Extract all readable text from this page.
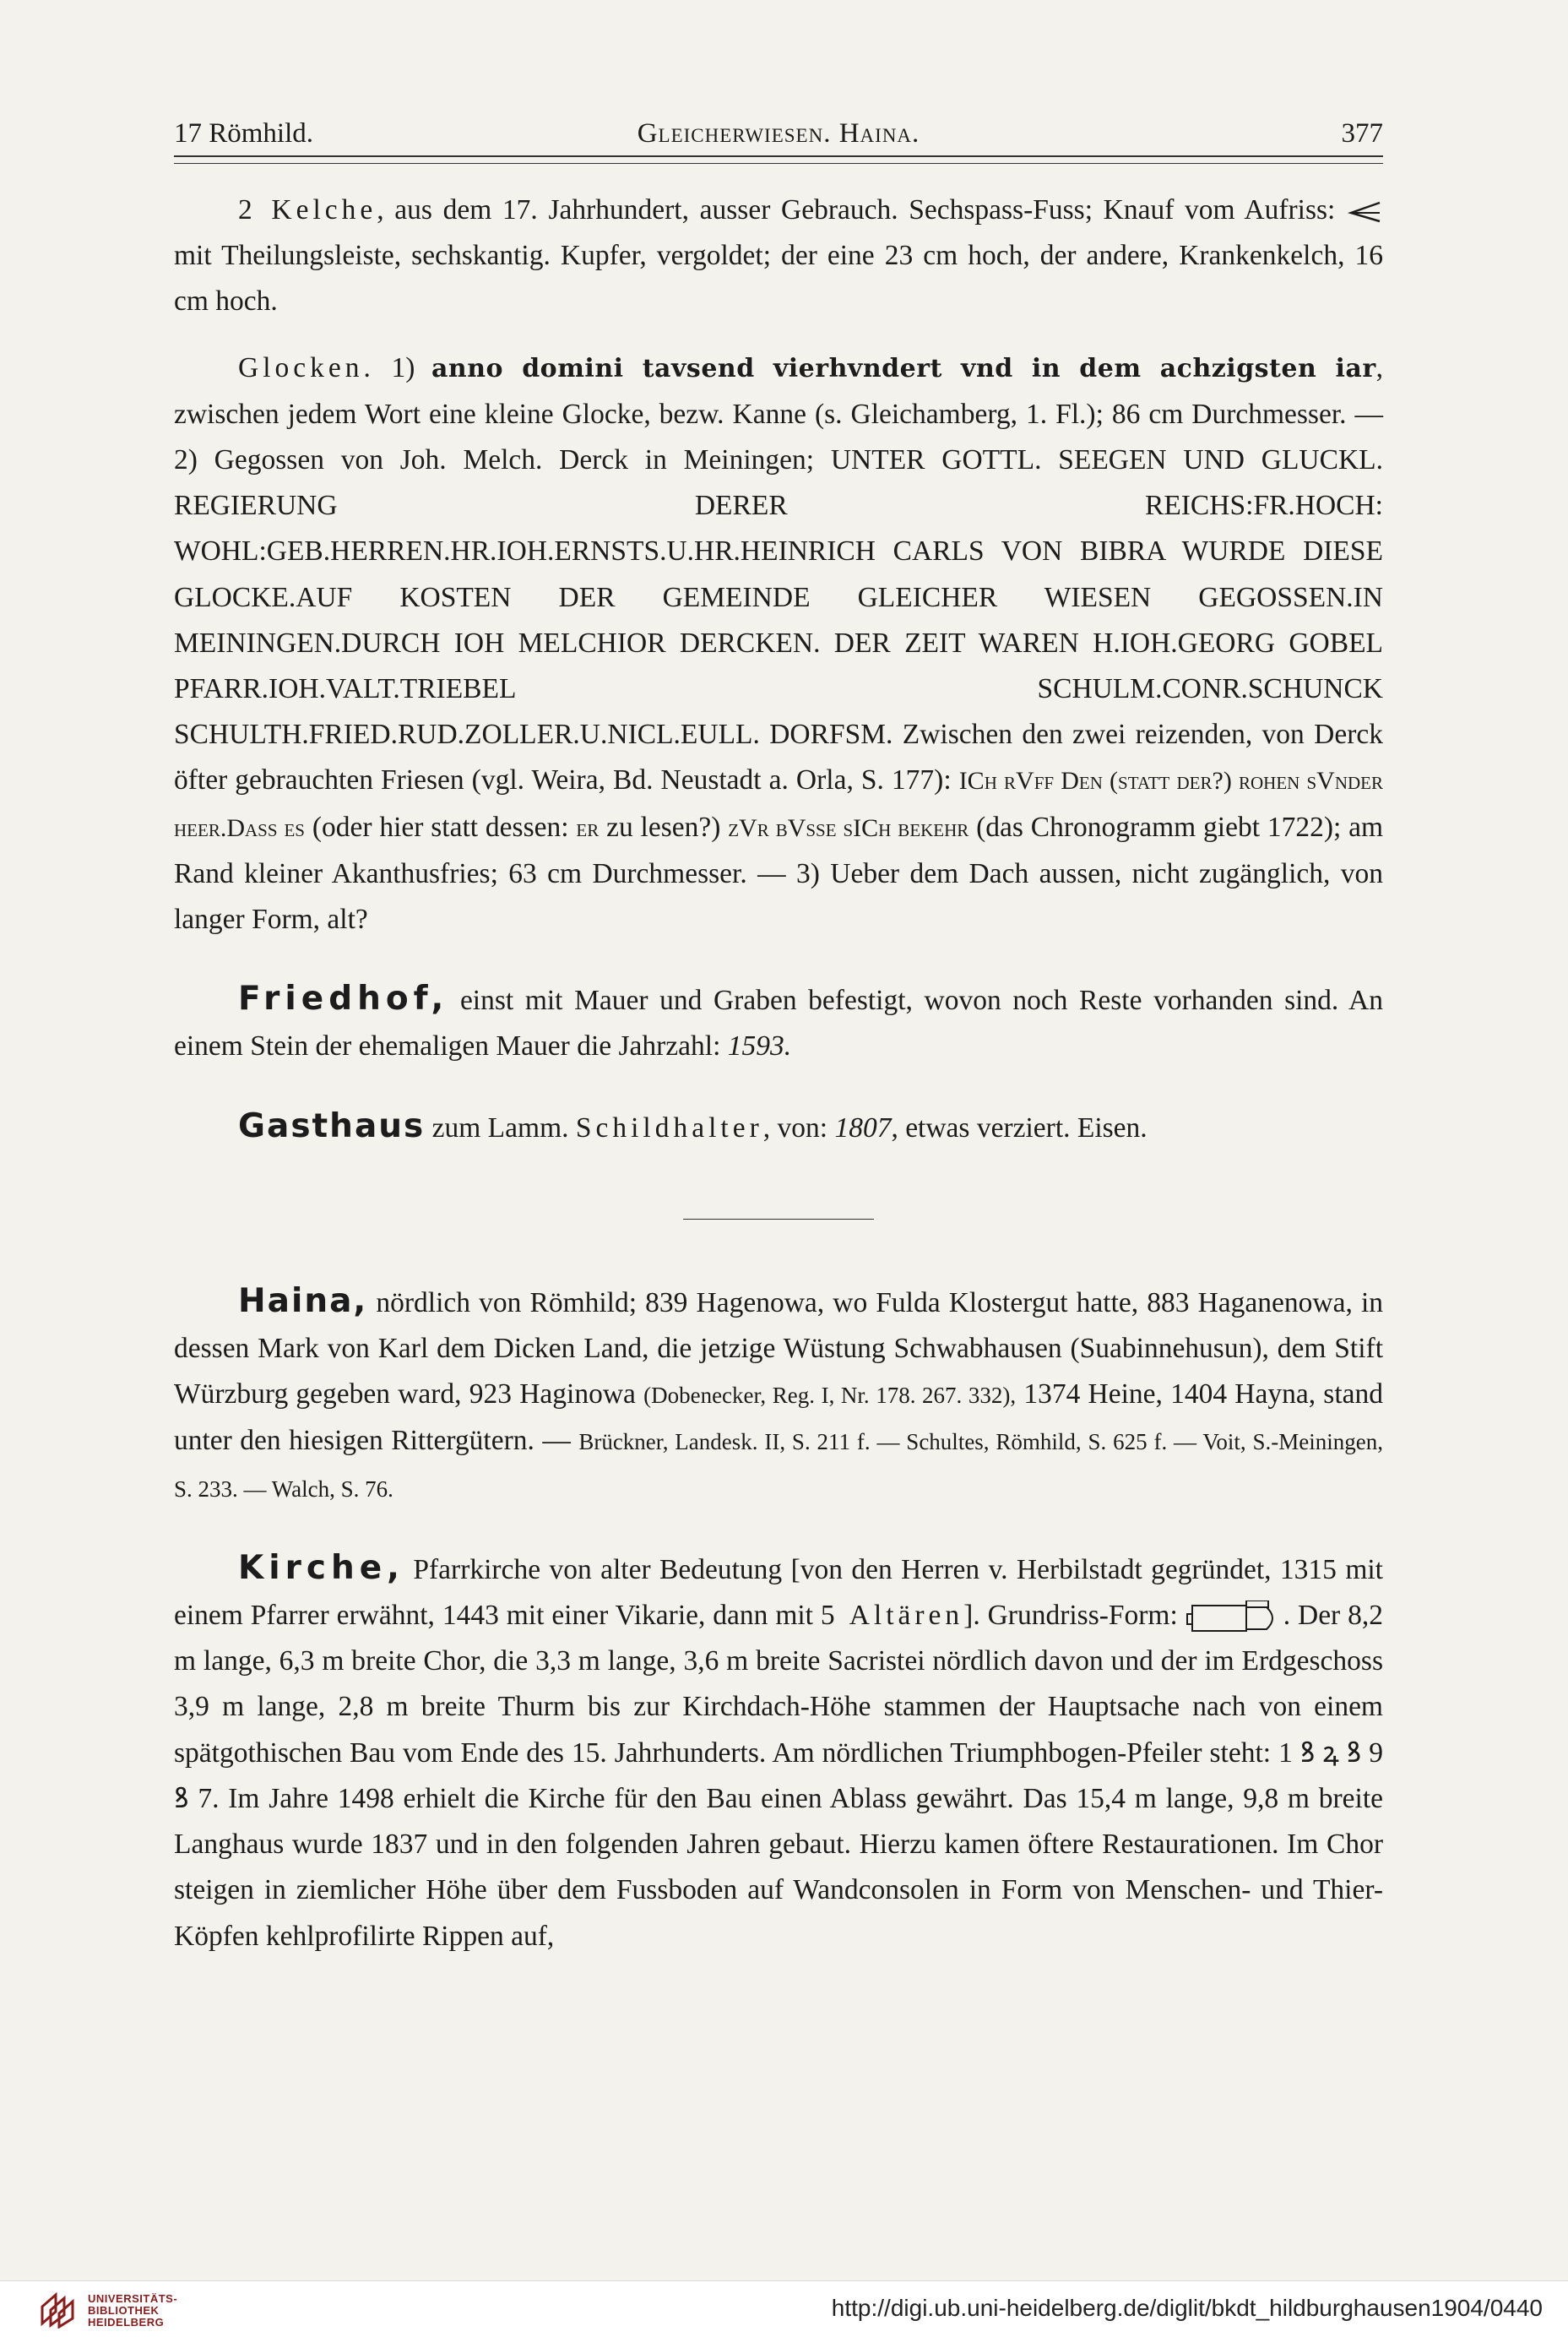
17 Römhild.	Gleicherwiesen. Haina.	377

2 Kelche, aus dem 17. Jahrhundert, ausser Gebrauch. Sechspass-Fuss; Knauf vom Aufriss:  mit Theilungsleiste, sechskantig. Kupfer, vergoldet; der eine 23 cm hoch, der andere, Krankenkelch, 16 cm hoch.

Glocken. 1) anno domini tavsend vierhvndert vnd in dem achzigsten iar, zwischen jedem Wort eine kleine Glocke, bezw. Kanne (s. Gleichamberg, 1. Fl.); 86 cm Durchmesser. — 2) Gegossen von Joh. Melch. Derck in Meiningen; UNTER GOTTL. SEEGEN UND GLUCKL. REGIERUNG DERER REICHS:FR.HOCH: WOHL:GEB.HERREN.HR.IOH.ERNSTS.U.HR.HEINRICH CARLS VON BIBRA WURDE DIESE GLOCKE.AUF KOSTEN DER GEMEINDE GLEICHER WIESEN GEGOSSEN.IN MEININGEN.DURCH IOH MELCHIOR DERCKEN. DER ZEIT WAREN H.IOH.GEORG GOBEL PFARR.IOH.VALT.TRIEBEL SCHULM.CONR.SCHUNCK SCHULTH.FRIED.RUD.ZOLLER.U.NICL.EULL. DORFSM. Zwischen den zwei reizenden, von Derck öfter gebrauchten Friesen (vgl. Weira, Bd. Neustadt a. Orla, S. 177): ICh rVff Den (statt der?) rohen sVnder heer.Dass es (oder hier statt dessen: er zu lesen?) zVr bVsse sICh bekehr (das Chronogramm giebt 1722); am Rand kleiner Akanthusfries; 63 cm Durchmesser. — 3) Ueber dem Dach aussen, nicht zugänglich, von langer Form, alt?

Friedhof, einst mit Mauer und Graben befestigt, wovon noch Reste vorhanden sind. An einem Stein der ehemaligen Mauer die Jahrzahl: 1593.

Gasthaus zum Lamm. Schildhalter, von: 1807, etwas verziert. Eisen.

Haina, nördlich von Römhild; 839 Hagenowa, wo Fulda Klostergut hatte, 883 Haganenowa, in dessen Mark von Karl dem Dicken Land, die jetzige Wüstung Schwabhausen (Suabinnehusun), dem Stift Würzburg gegeben ward, 923 Haginowa (Dobenecker, Reg. I, Nr. 178. 267. 332), 1374 Heine, 1404 Hayna, stand unter den hiesigen Rittergütern. — Brückner, Landesk. II, S. 211 f. — Schultes, Römhild, S. 625 f. — Voit, S.-Meiningen, S. 233. — Walch, S. 76.

Kirche, Pfarrkirche von alter Bedeutung [von den Herren v. Herbilstadt gegründet, 1315 mit einem Pfarrer erwähnt, 1443 mit einer Vikarie, dann mit 5 Altären]. Grundriss-Form:	. Der 8,2 m lange, 6,3 m breite Chor, die 3,3 m lange, 3,6 m breite Sacristei nördlich davon und der im Erdgeschoss 3,9 m lange, 2,8 m breite Thurm bis zur Kirchdach-Höhe stammen der Hauptsache nach von einem spätgothischen Bau vom Ende des 15. Jahrhunderts. Am nördlichen Triumphbogen-Pfeiler steht: 1 ꝸ ꝝ ꝸ 9 ꝸ 7. Im Jahre 1498 erhielt die Kirche für den Bau einen Ablass gewährt. Das 15,4 m lange, 9,8 m breite Langhaus wurde 1837 und in den folgenden Jahren gebaut. Hierzu kamen öftere Restaurationen. Im Chor steigen in ziemlicher Höhe über dem Fussboden auf Wandconsolen in Form von Menschen- und Thier-Köpfen kehlprofilirte Rippen auf,

UNIVERSITÄTS-
BIBLIOTHEK
HEIDELBERG
http://digi.ub.uni-heidelberg.de/diglit/bkdt_hildburghausen1904/0440
